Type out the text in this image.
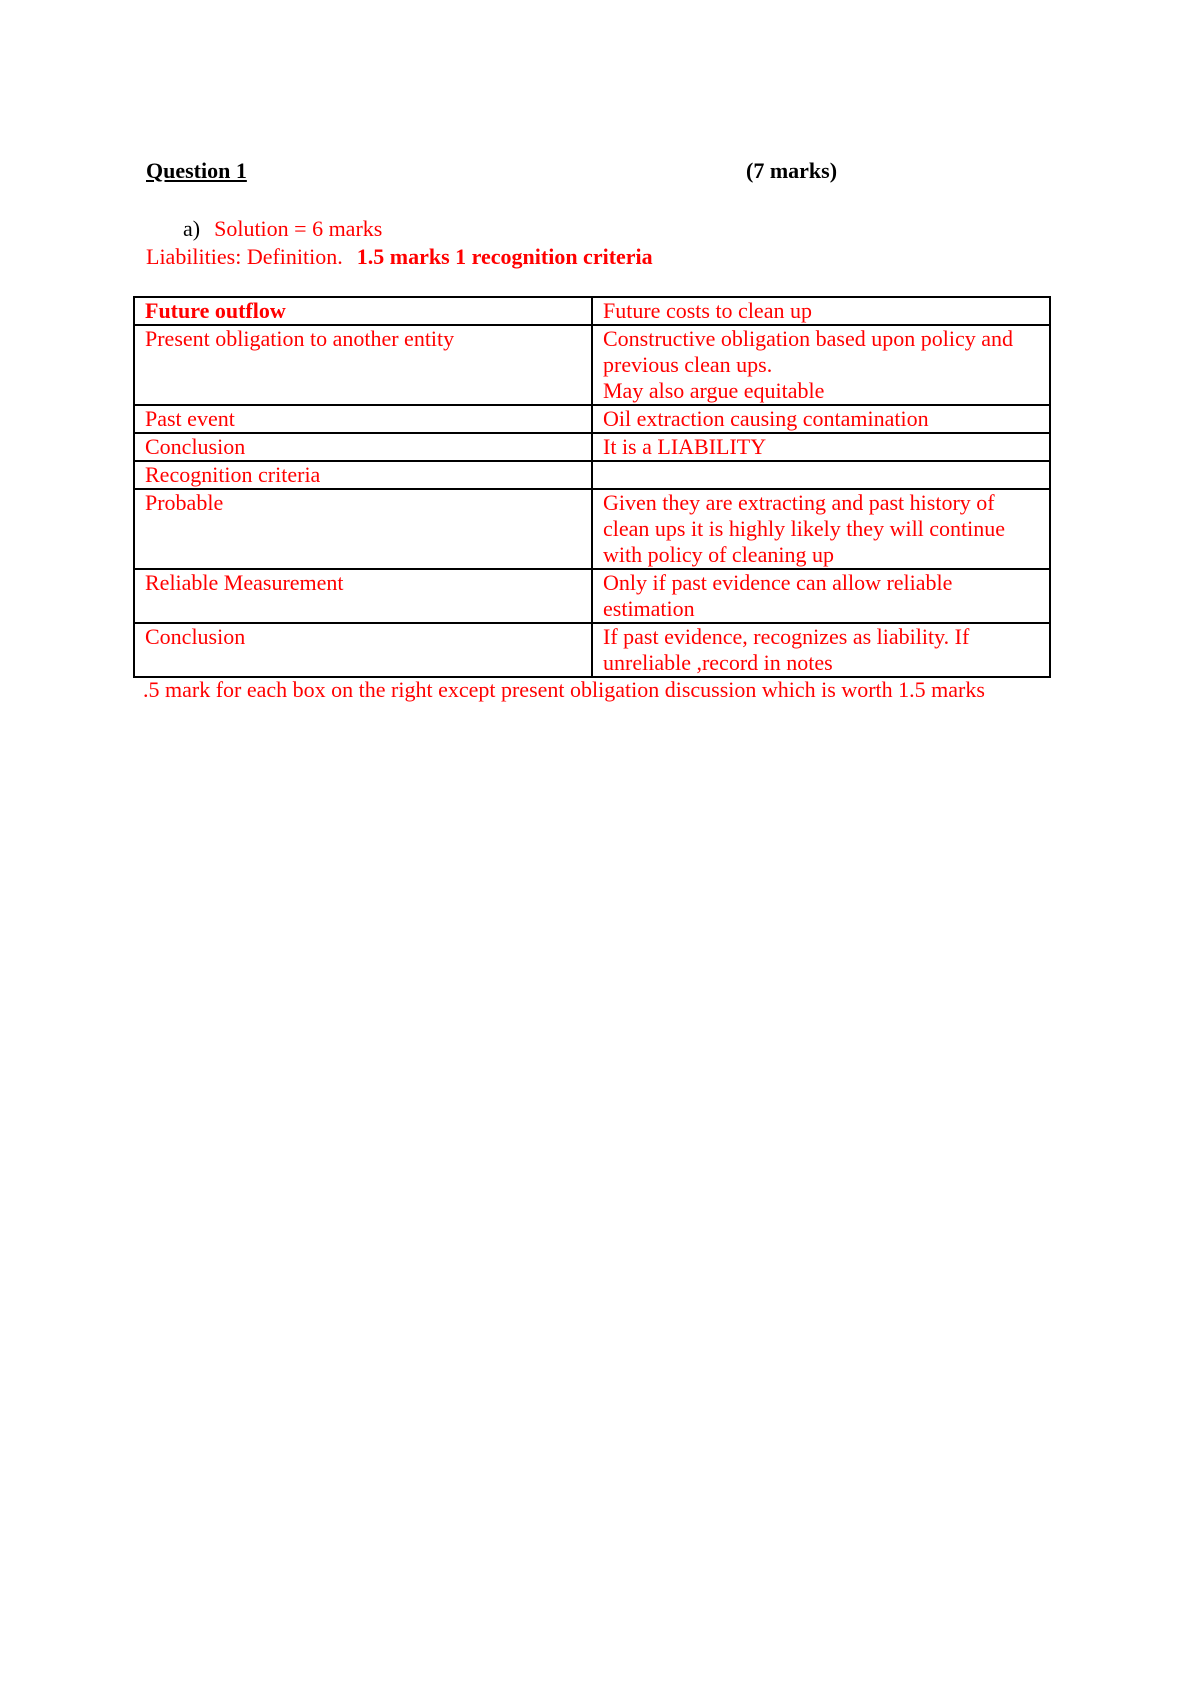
Question 1	(7 marks)
a) Solution = 6 marks
Liabilities: Definition. 1.5 marks 1 recognition criteria
Future outflow	Future costs to clean up

Present obligation to another entity	Constructive obligation based upon policy and previous clean ups.
May also argue equitable

Past event	Oil extraction causing contamination

Conclusion	It is a LIABILITY

Recognition criteria	

Probable	Given they are extracting and past history of clean ups it is highly likely they will continue with policy of cleaning up

Reliable Measurement	Only if past evidence can allow reliable estimation

Conclusion	If past evidence, recognizes as liability. If unreliable ,record in notes
.5 mark for each box on the right except present obligation discussion which is worth 1.5 marks
